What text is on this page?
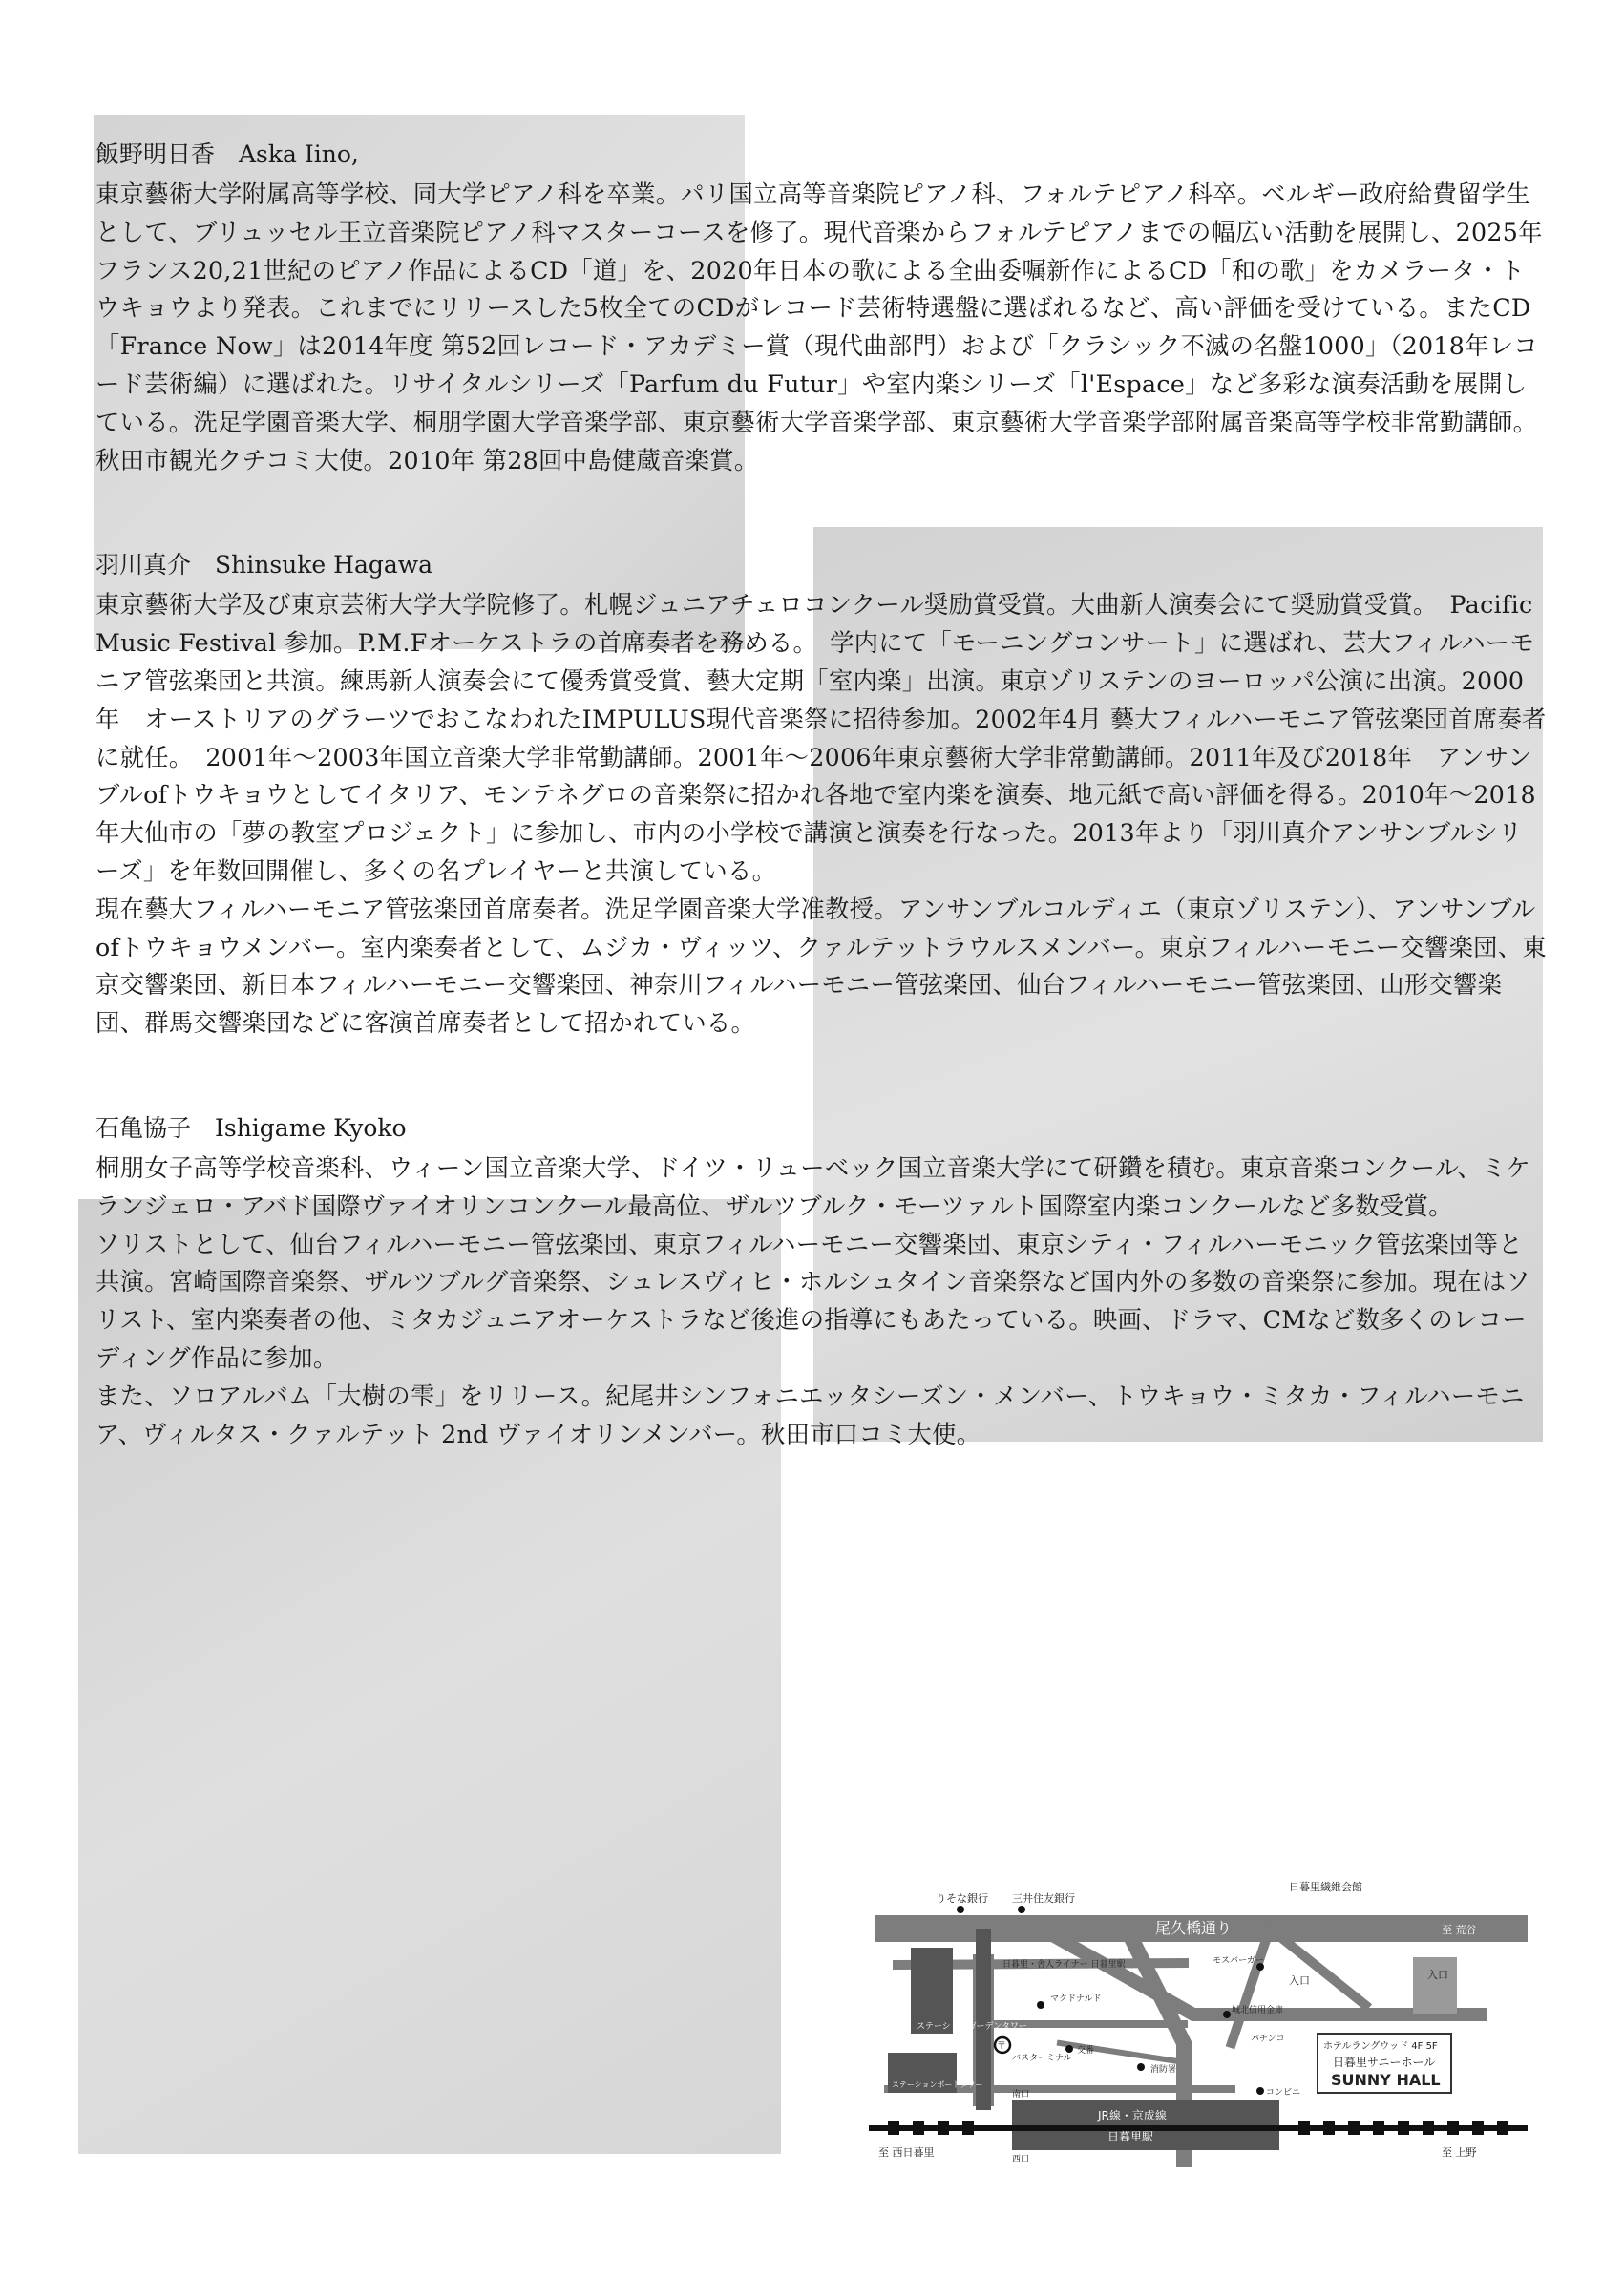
飯野明日香　Aska Iino,

東京藝術大学附属高等学校、同大学ピアノ科を卒業。パリ国立高等音楽院ピアノ科、フォルテピアノ科卒。ベルギー政府給費留学生として、ブリュッセル王立音楽院ピアノ科マスターコースを修了。現代音楽からフォルテピアノまでの幅広い活動を展開し、2025年フランス20,21世紀のピアノ作品によるCD「道」を、2020年日本の歌による全曲委嘱新作によるCD「和の歌」をカメラータ・トウキョウより発表。これまでにリリースした5枚全てのCDがレコード芸術特選盤に選ばれるなど、高い評価を受けている。またCD「France Now」は2014年度 第52回レコード・アカデミー賞（現代曲部門）および「クラシック不滅の名盤1000」（2018年レコード芸術編）に選ばれた。リサイタルシリーズ「Parfum du Futur」や室内楽シリーズ「l'Espace」など多彩な演奏活動を展開している。洗足学園音楽大学、桐朋学園大学音楽学部、東京藝術大学音楽学部、東京藝術大学音楽学部附属音楽高等学校非常勤講師。秋田市観光クチコミ大使。2010年 第28回中島健蔵音楽賞。

羽川真介　Shinsuke Hagawa

東京藝術大学及び東京芸術大学大学院修了。札幌ジュニアチェロコンクール奨励賞受賞。大曲新人演奏会にて奨励賞受賞。　Pacific Music Festival 参加。P.M.Fオーケストラの首席奏者を務める。　学内にて「モーニングコンサート」に選ばれ、芸大フィルハーモニア管弦楽団と共演。練馬新人演奏会にて優秀賞受賞、藝大定期「室内楽」出演。東京ゾリステンのヨーロッパ公演に出演。2000年　オーストリアのグラーツでおこなわれたIMPULUS現代音楽祭に招待参加。2002年4月 藝大フィルハーモニア管弦楽団首席奏者に就任。　2001年〜2003年国立音楽大学非常勤講師。2001年〜2006年東京藝術大学非常勤講師。2011年及び2018年　アンサンブルofトウキョウとしてイタリア、モンテネグロの音楽祭に招かれ各地で室内楽を演奏、地元紙で高い評価を得る。2010年〜2018年大仙市の「夢の教室プロジェクト」に参加し、市内の小学校で講演と演奏を行なった。2013年より「羽川真介アンサンブルシリーズ」を年数回開催し、多くの名プレイヤーと共演している。

現在藝大フィルハーモニア管弦楽団首席奏者。洗足学園音楽大学准教授。アンサンブルコルディエ（東京ゾリステン）、アンサンブルofトウキョウメンバー。室内楽奏者として、ムジカ・ヴィッツ、クァルテットラウルスメンバー。東京フィルハーモニー交響楽団、東京交響楽団、新日本フィルハーモニー交響楽団、神奈川フィルハーモニー管弦楽団、仙台フィルハーモニー管弦楽団、山形交響楽団、群馬交響楽団などに客演首席奏者として招かれている。

石亀協子　Ishigame Kyoko

桐朋女子高等学校音楽科、ウィーン国立音楽大学、ドイツ・リューベック国立音楽大学にて研鑽を積む。東京音楽コンクール、ミケランジェロ・アバド国際ヴァイオリンコンクール最高位、ザルツブルク・モーツァルト国際室内楽コンクールなど多数受賞。

ソリストとして、仙台フィルハーモニー管弦楽団、東京フィルハーモニー交響楽団、東京シティ・フィルハーモニック管弦楽団等と共演。宮崎国際音楽祭、ザルツブルグ音楽祭、シュレスヴィヒ・ホルシュタイン音楽祭など国内外の多数の音楽祭に参加。現在はソリスト、室内楽奏者の他、ミタカジュニアオーケストラなど後進の指導にもあたっている。映画、ドラマ、CMなど数多くのレコーディング作品に参加。

また、ソロアルバム「大樹の雫」をリリース。紀尾井シンフォニエッタシーズン・メンバー、トウキョウ・ミタカ・フィルハーモニア、ヴィルタス・クァルテット 2nd ヴァイオリンメンバー。秋田市口コミ大使。

りそな銀行 三井住友銀行
日暮里繊維会館
尾久橋通り	至 荒谷
入口
入口
モスバーガー
ステーションガーデンタワー
日暮里・舎人ライナー 日暮里駅
マクドナルド
〒
バスターミナル
交番
城北信用金庫
パチンコ
消防署
コンビニ
ステーションポートタワー
南口
西口
JR線・京成線
日暮里駅
至 西日暮里	至 上野
ホテルラングウッド 4F 5F
日暮里サニーホール
SUNNY HALL
